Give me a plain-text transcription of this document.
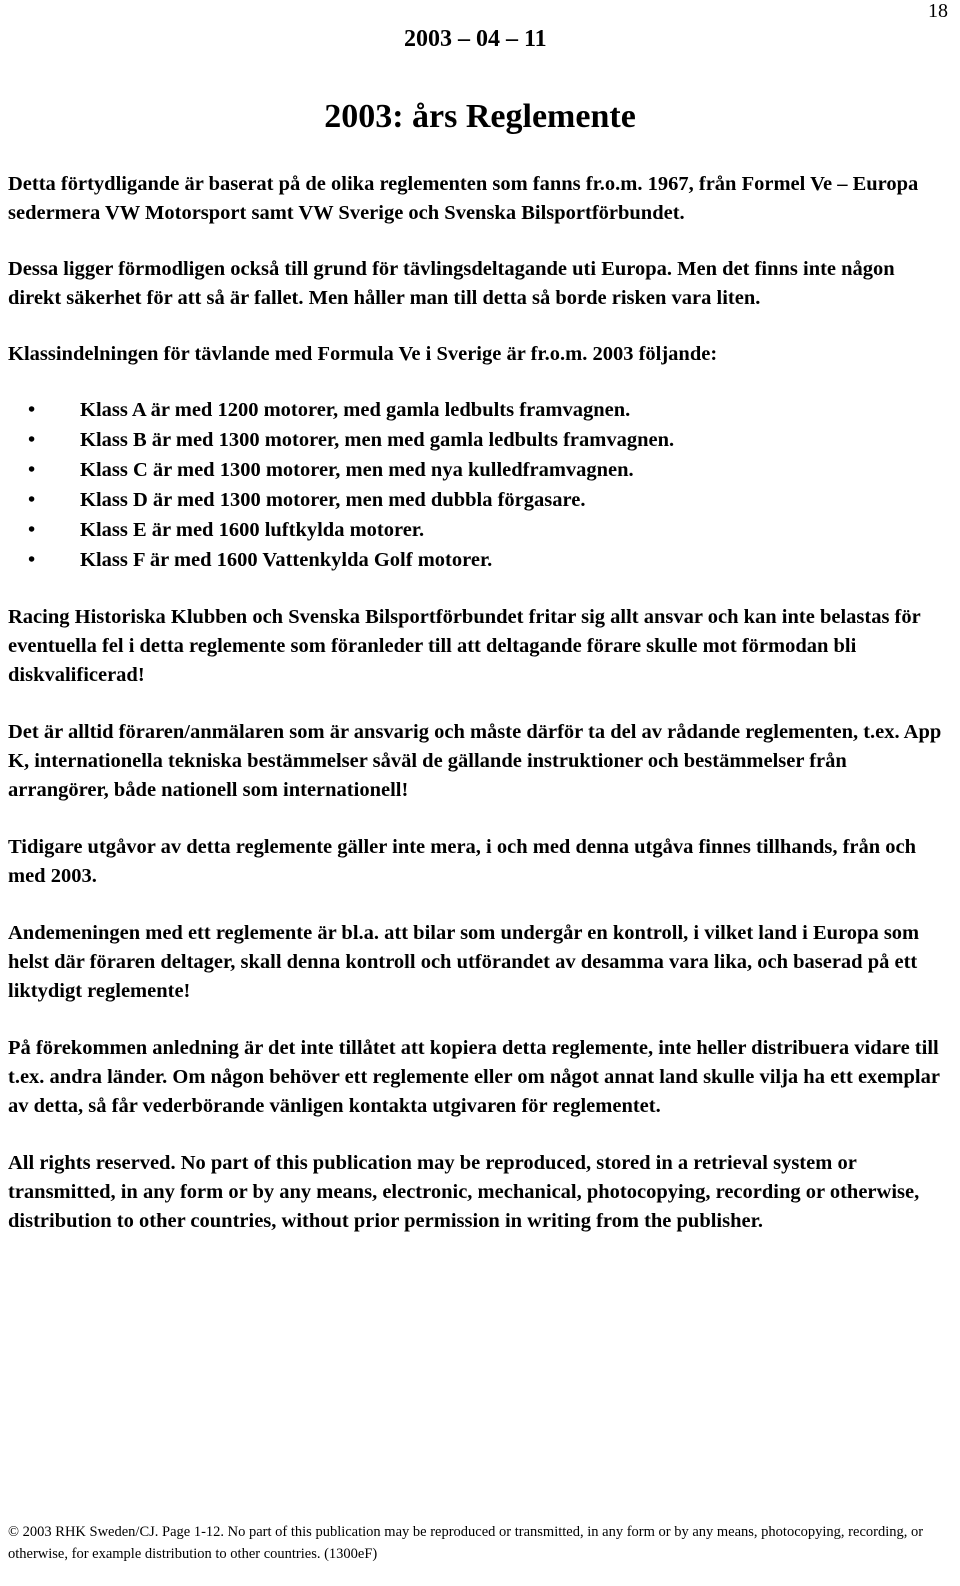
18
2003 – 04 – 11
2003: års Reglemente

Detta förtydligande är baserat på de olika reglementen som fanns fr.o.m. 1967, från Formel Ve – Europa sedermera VW Motorsport samt VW Sverige och Svenska Bilsportförbundet.

Dessa ligger förmodligen också till grund för tävlingsdeltagande uti Europa. Men det finns inte någon direkt säkerhet för att så är fallet. Men håller man till detta så borde risken vara liten.

Klassindelningen för tävlande med Formula Ve i Sverige är fr.o.m. 2003 följande:

• Klass A är med 1200 motorer, med gamla ledbults framvagnen.
• Klass B är med 1300 motorer, men med gamla ledbults framvagnen.
• Klass C är med 1300 motorer, men med nya kulledframvagnen.
• Klass D är med 1300 motorer, men med dubbla förgasare.
• Klass E är med 1600 luftkylda motorer.
• Klass F är med 1600 Vattenkylda Golf motorer.

Racing Historiska Klubben och Svenska Bilsportförbundet fritar sig allt ansvar och kan inte belastas för eventuella fel i detta reglemente som föranleder till att deltagande förare skulle mot förmodan bli diskvalificerad!

Det är alltid föraren/anmälaren som är ansvarig och måste därför ta del av rådande reglementen, t.ex. App K, internationella tekniska bestämmelser såväl de gällande instruktioner och bestämmelser från arrangörer, både nationell som internationell!

Tidigare utgåvor av detta reglemente gäller inte mera, i och med denna utgåva finnes tillhands, från och med 2003.

Andemeningen med ett reglemente är bl.a. att bilar som undergår en kontroll, i vilket land i Europa som helst där föraren deltager, skall denna kontroll och utförandet av desamma vara lika, och baserad på ett liktydigt reglemente!

På förekommen anledning är det inte tillåtet att kopiera detta reglemente, inte heller distribuera vidare till t.ex. andra länder. Om någon behöver ett reglemente eller om något annat land skulle vilja ha ett exemplar av detta, så får vederbörande vänligen kontakta utgivaren för reglementet.

All rights reserved. No part of this publication may be reproduced, stored in a retrieval system or transmitted, in any form or by any means, electronic, mechanical, photocopying, recording or otherwise, distribution to other countries, without prior permission in writing from the publisher.

© 2003 RHK Sweden/CJ. Page 1-12. No part of this publication may be reproduced or transmitted, in any form or by any means, photocopying, recording, or otherwise, for example distribution to other countries. (1300eF)
